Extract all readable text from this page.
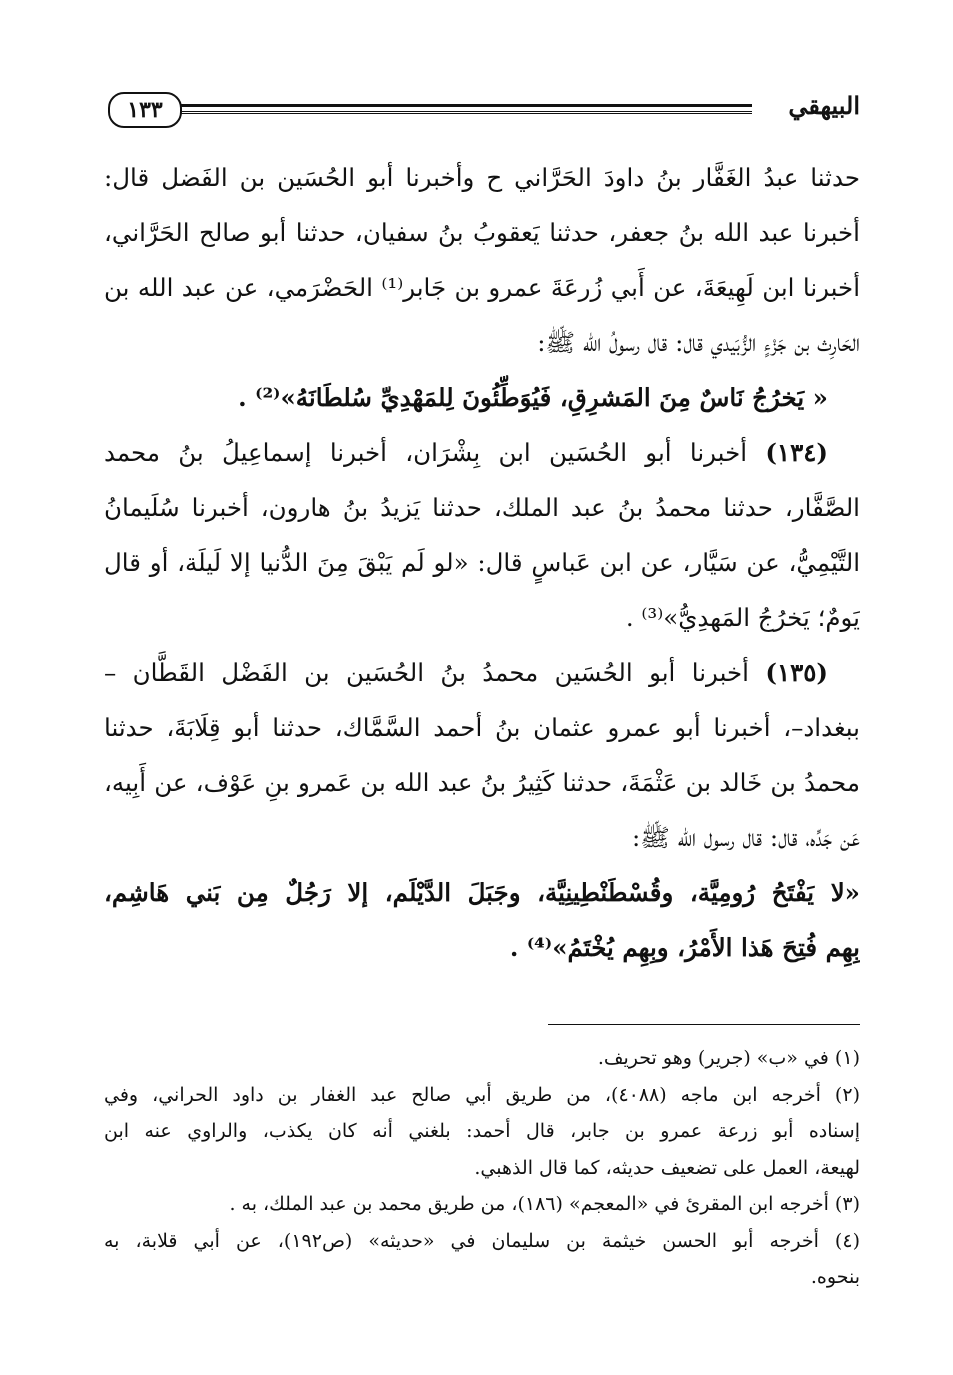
١٣٣	البيهقي
حدثنا عبدُ الغَفَّار بنُ داودَ الحَرَّاني ح وأخبرنا أبو الحُسَين بن الفَضل قال:
أخبرنا عبد الله بنُ جعفر، حدثنا يَعقوبُ بنُ سفيان، حدثنا أبو صالح الحَرَّاني،
أخبرنا ابن لَهِيعَةَ، عن أَبي زُرعَةَ عمرو بن جَابر⁽¹⁾ الحَضْرَمي، عن عبد الله بن
الحَارِث بن جَزْءٍ الزُّبَيدي قال: قال رسولُ الله ﷺ:
« يَخرُجُ نَاسٌ مِنَ المَشرِقِ، فَيُوَطِّئُونَ لِلمَهْدِيِّ سُلطَانَهُ»⁽²⁾ .
(١٣٤) أخبرنا أبو الحُسَين ابن بِشْرَان، أخبرنا إسماعِيلُ بنُ محمد
الصَّفَّار، حدثنا محمدُ بنُ عبد الملك، حدثنا يَزيدُ بنُ هارون، أخبرنا سُلَيمانُ
التَّيْمِيُّ، عن سَيَّار، عن ابن عَباسٍ قال: «لو لَم يَبْقَ مِنَ الدُّنيا إلا لَيلَة، أو قال
يَومٌ؛ يَخرُجُ المَهدِيُّ»⁽³⁾ .
(١٣٥) أخبرنا أبو الحُسَين محمدُ بنُ الحُسَين بن الفَضْل القَطَّان –
ببغداد–، أخبرنا أبو عمرو عثمان بنُ أحمد السَّمَّاك، حدثنا أبو قِلَابَةَ، حدثنا
محمدُ بن خَالد بن عَثْمَةَ، حدثنا كَثِيرُ بنُ عبد الله بن عَمرو بنِ عَوْف، عن أَبِيه،
عَن جَدِّه، قال: قال رسول الله ﷺ:
«لا يَفْتَحُ رُومِيَّة، وقُسْطَنْطِينِيَّة، وجَبَلَ الدَّيْلَم، إلا رَجُلٌ مِن بَني هَاشِم،
بِهِم فُتِحَ هَذا الأَمْرُ، وبِهِم يُخْتَمُ»⁽⁴⁾ .
(١) في «ب» (جرير) وهو تحريف.
(٢) أخرجه ابن ماجه (٤٠٨٨)، من طريق أبي صالح عبد الغفار بن داود الحراني، وفي
إسناده أبو زرعة عمرو بن جابر، قال أحمد: بلغني أنه كان يكذب، والراوي عنه ابن
لهيعة، العمل على تضعيف حديثه، كما قال الذهبي.
(٣) أخرجه ابن المقرئ في «المعجم» (١٨٦)، من طريق محمد بن عبد الملك، به .
(٤) أخرجه أبو الحسن خيثمة بن سليمان في «حديثه» (ص١٩٢)، عن أبي قلابة، به
بنحوه.
